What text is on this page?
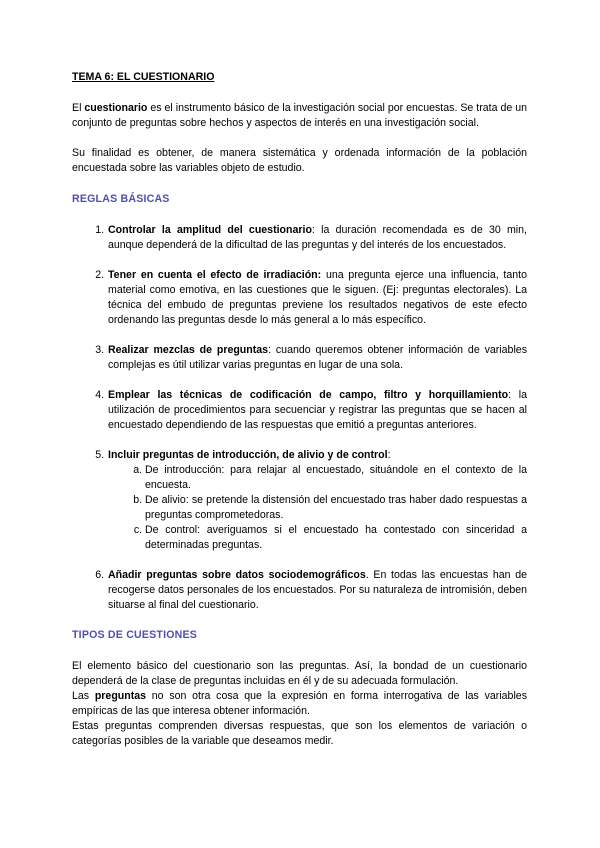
TEMA 6: EL CUESTIONARIO

El cuestionario es el instrumento básico de la investigación social por encuestas. Se trata de un conjunto de preguntas sobre hechos y aspectos de interés en una investigación social.

Su finalidad es obtener, de manera sistemática y ordenada información de la población encuestada sobre las variables objeto de estudio.

REGLAS BÁSICAS
1. Controlar la amplitud del cuestionario: la duración recomendada es de 30 min, aunque dependerá de la dificultad de las preguntas y del interés de los encuestados.
2. Tener en cuenta el efecto de irradiación: una pregunta ejerce una influencia, tanto material como emotiva, en las cuestiones que le siguen. (Ej: preguntas electorales). La técnica del embudo de preguntas previene los resultados negativos de este efecto ordenando las preguntas desde lo más general a lo más específico.
3. Realizar mezclas de preguntas: cuando queremos obtener información de variables complejas es útil utilizar varias preguntas en lugar de una sola.
4. Emplear las técnicas de codificación de campo, filtro y horquillamiento: la utilización de procedimientos para secuenciar y registrar las preguntas que se hacen al encuestado dependiendo de las respuestas que emitió a preguntas anteriores.
5. Incluir preguntas de introducción, de alivio y de control:
a. De introducción: para relajar al encuestado, situándole en el contexto de la encuesta.
b. De alivio: se pretende la distensión del encuestado tras haber dado respuestas a preguntas comprometedoras.
c. De control: averiguamos si el encuestado ha contestado con sinceridad a determinadas preguntas.
6. Añadir preguntas sobre datos sociodemográficos. En todas las encuestas han de recogerse datos personales de los encuestados. Por su naturaleza de intromisión, deben situarse al final del cuestionario.
TIPOS DE CUESTIONES

El elemento básico del cuestionario son las preguntas. Así, la bondad de un cuestionario dependerá de la clase de preguntas incluidas en él y de su adecuada formulación.

Las preguntas no son otra cosa que la expresión en forma interrogativa de las variables empíricas de las que interesa obtener información.

Estas preguntas comprenden diversas respuestas, que son los elementos de variación o categorías posibles de la variable que deseamos medir.
